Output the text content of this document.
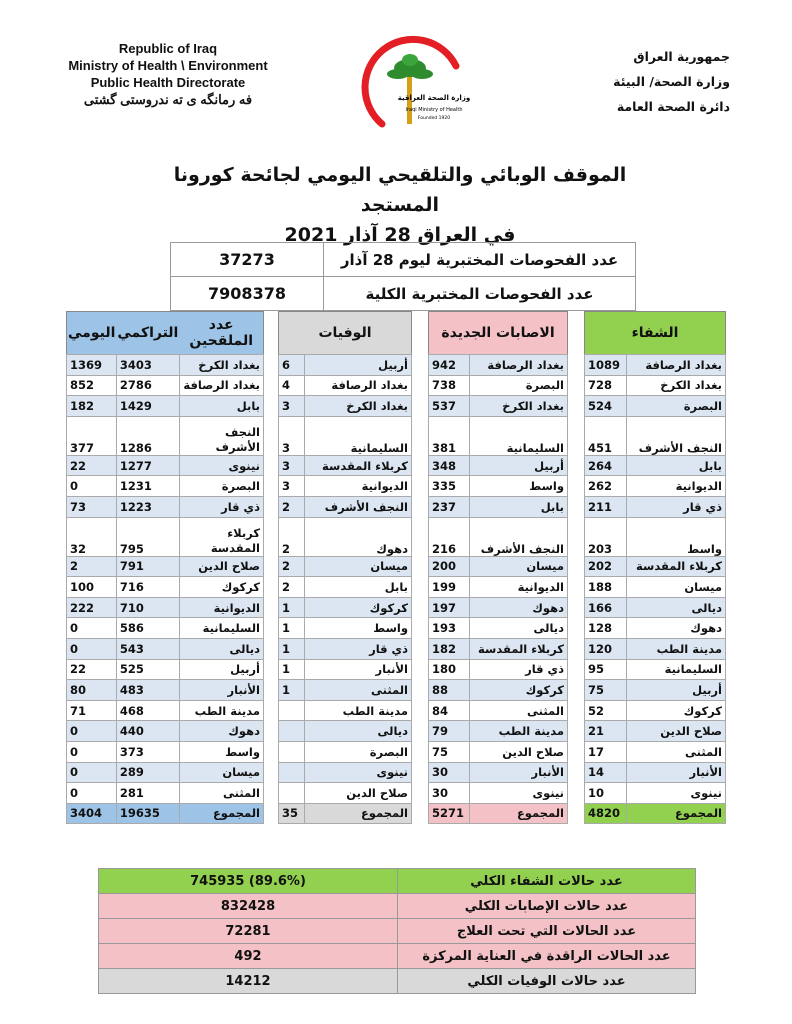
Republic of Iraq
Ministry of Health \ Environment
Public Health Directorate
فه رمانگه ى ته ندروستى گشتى	وزارة الصحة العراقية
Iraqi Ministry of Health
Founded 1920
جمهورية العراق
وزارة الصحة/ البيئة
دائرة الصحة العامة
الموقف الوبائي والتلقيحي اليومي لجائحة كورونا المستجد
في العراق 28 آذار 2021
37273	عدد الفحوصات المختبرية ليوم 28 آذار
7908378	عدد الفحوصات المختبرية الكلية
الشفاء	
1089	بغداد الرصافة
728	بغداد الكرخ
524	البصرة
451	النجف الأشرف
264	بابل
262	الديوانية
211	ذي قار
203	واسط
202	كربلاء المقدسة
188	ميسان
166	ديالى
128	دهوك
120	مدينة الطب
95	السليمانية
75	أربيل
52	كركوك
21	صلاح الدين
17	المثنى
14	الأنبار
10	نينوى
4820	المجموع
الاصابات الجديدة	
942	بغداد الرصافة
738	البصرة
537	بغداد الكرخ
381	السليمانية
348	أربيل
335	واسط
237	بابل
216	النجف الأشرف
200	ميسان
199	الديوانية
197	دهوك
193	ديالى
182	كربلاء المقدسة
180	ذي قار
88	كركوك
84	المثنى
79	مدينة الطب
75	صلاح الدين
30	الأنبار
30	نينوى
5271	المجموع
الوفيات	
6	أربيل
4	بغداد الرصافة
3	بغداد الكرخ
3	السليمانية
3	كربلاء المقدسة
3	الديوانية
2	النجف الأشرف
2	دهوك
2	ميسان
2	بابل
1	كركوك
1	واسط
1	ذي قار
1	الأنبار
1	المثنى
	مدينة الطب
	ديالى
	البصرة
	نينوى
	صلاح الدين
35	المجموع
اليومي	التراكمي	عدد الملقحين
1369	3403	بغداد الكرخ
852	2786	بغداد الرصافة
182	1429	بابل
377	1286	النجف الأشرف
22	1277	نينوى
0	1231	البصرة
73	1223	ذي قار
32	795	كربلاء المقدسة
2	791	صلاح الدين
100	716	كركوك
222	710	الديوانية
0	586	السليمانية
0	543	ديالى
22	525	أربيل
80	483	الأنبار
71	468	مدينة الطب
0	440	دهوك
0	373	واسط
0	289	ميسان
0	281	المثنى
3404	19635	المجموع
745935 (89.6%)	عدد حالات الشفاء الكلي
832428	عدد حالات الإصابات الكلي
72281	عدد الحالات التي تحت العلاج
492	عدد الحالات الراقدة في العناية المركزة
14212	عدد حالات الوفيات الكلي
